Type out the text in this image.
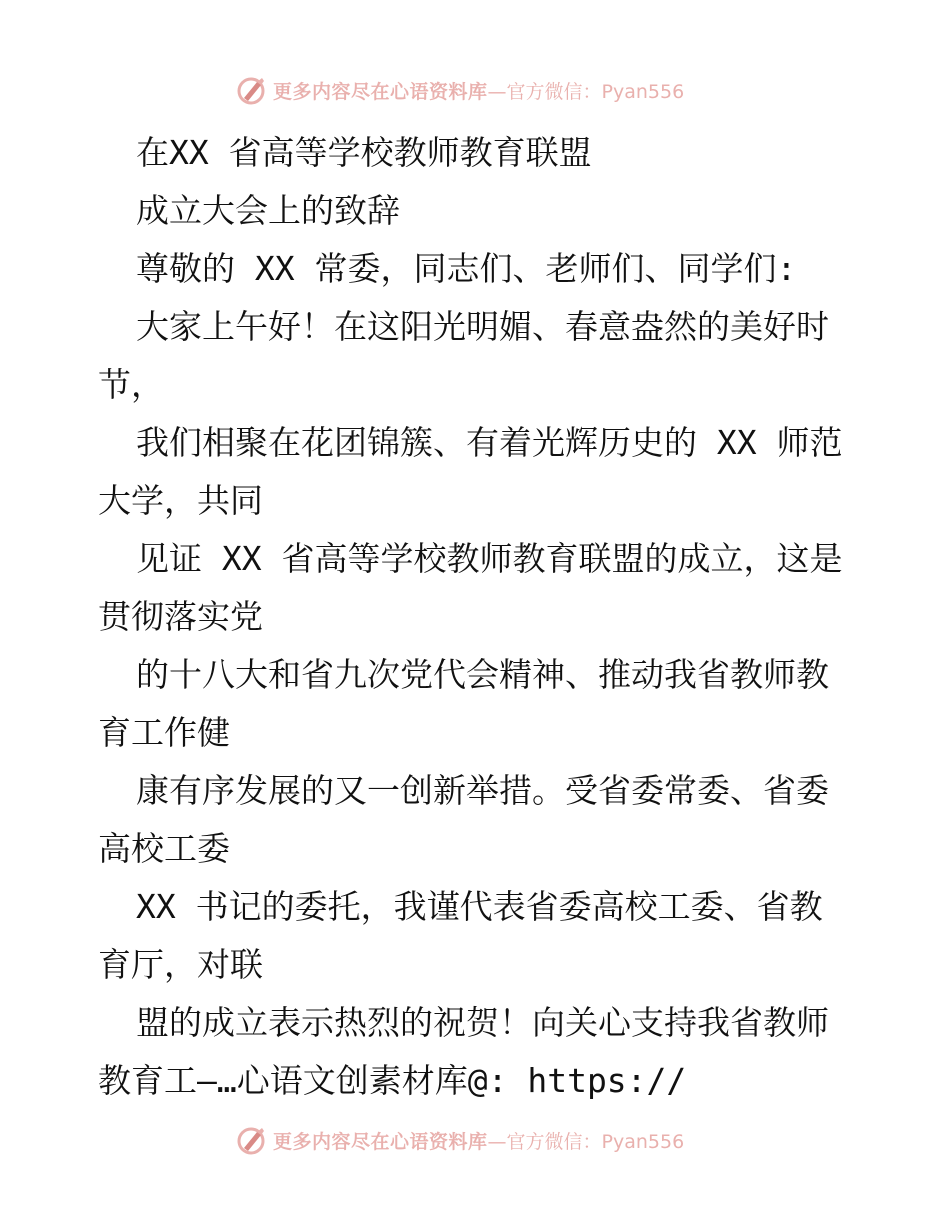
更多内容尽在心语资料库 —官方微信：Pyan556
在XX 省高等学校教师教育联盟
成立大会上的致辞
尊敬的 XX 常委，同志们、老师们、同学们:
大家上午好！在这阳光明媚、春意盎然的美好时
节，
我们相聚在花团锦簇、有着光辉历史的 XX 师范
大学，共同
见证 XX 省高等学校教师教育联盟的成立，这是
贯彻落实党
的十八大和省九次党代会精神、推动我省教师教
育工作健
康有序发展的又一创新举措。受省委常委、省委
高校工委
XX 书记的委托，我谨代表省委高校工委、省教
育厅，对联
盟的成立表示热烈的祝贺！向关心支持我省教师
教育工—…心语文创素材库@: https://
更多内容尽在心语资料库 —官方微信：Pyan556
